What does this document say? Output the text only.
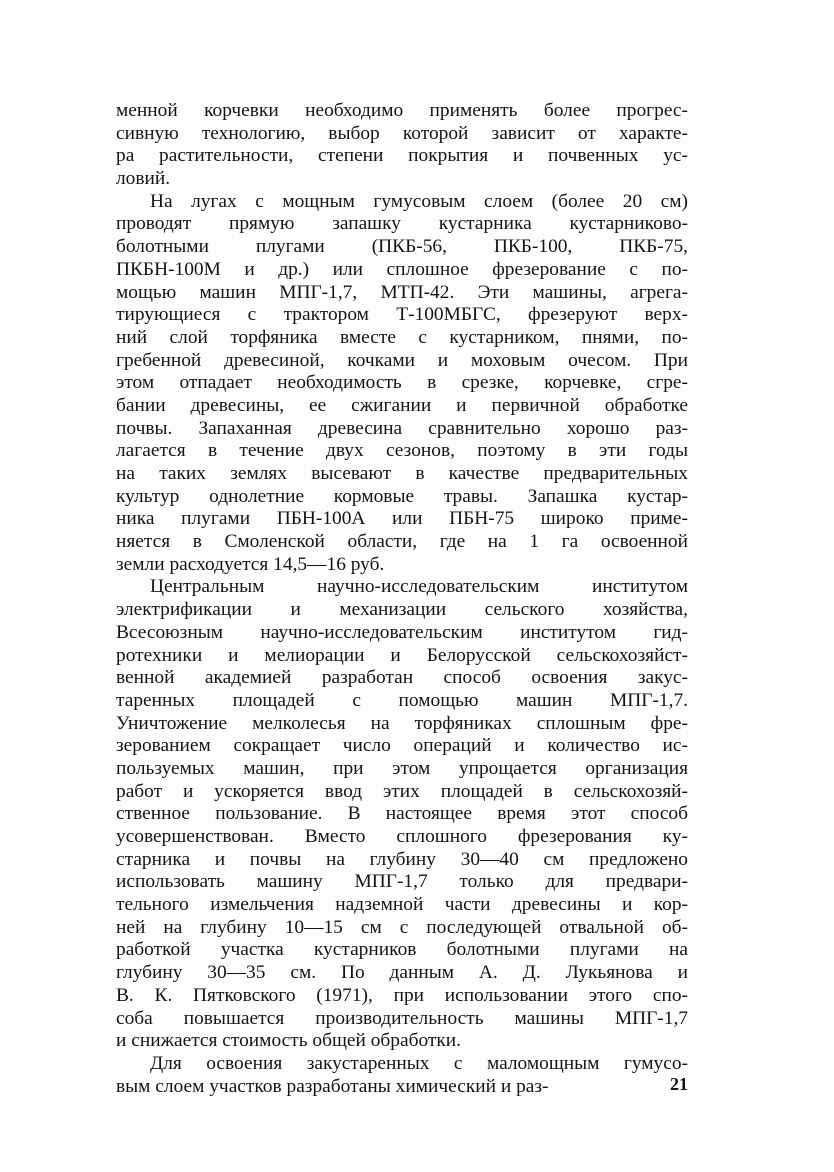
менной корчевки необходимо применять более прогрес-
сивную технологию, выбор которой зависит от характе-
ра растительности, степени покрытия и почвенных ус-
ловий.
На лугах с мощным гумусовым слоем (более 20 см)
проводят прямую запашку кустарника кустарниково-
болотными плугами (ПКБ-56, ПКБ-100, ПКБ-75,
ПКБН-100М и др.) или сплошное фрезерование с по-
мощью машин МПГ-1,7, МТП-42. Эти машины, агрега-
тирующиеся с трактором Т-100МБГС, фрезеруют верх-
ний слой торфяника вместе с кустарником, пнями, по-
гребенной древесиной, кочками и моховым очесом. При
этом отпадает необходимость в срезке, корчевке, сгре-
бании древесины, ее сжигании и первичной обработке
почвы. Запаханная древесина сравнительно хорошо раз-
лагается в течение двух сезонов, поэтому в эти годы
на таких землях высевают в качестве предварительных
культур однолетние кормовые травы. Запашка кустар-
ника плугами ПБН-100А или ПБН-75 широко приме-
няется в Смоленской области, где на 1 га освоенной
земли расходуется 14,5—16 руб.
Центральным научно-исследовательским институтом
электрификации и механизации сельского хозяйства,
Всесоюзным научно-исследовательским институтом гид-
ротехники и мелиорации и Белорусской сельскохозяйст-
венной академией разработан способ освоения закус-
таренных площадей с помощью машин МПГ-1,7.
Уничтожение мелколесья на торфяниках сплошным фре-
зерованием сокращает число операций и количество ис-
пользуемых машин, при этом упрощается организация
работ и ускоряется ввод этих площадей в сельскохозяй-
ственное пользование. В настоящее время этот способ
усовершенствован. Вместо сплошного фрезерования ку-
старника и почвы на глубину 30—40 см предложено
использовать машину МПГ-1,7 только для предвари-
тельного измельчения надземной части древесины и кор-
ней на глубину 10—15 см с последующей отвальной об-
работкой участка кустарников болотными плугами на
глубину 30—35 см. По данным А. Д. Лукьянова и
В. К. Пятковского (1971), при использовании этого спо-
соба повышается производительность машины МПГ-1,7
и снижается стоимость общей обработки.
Для освоения закустаренных с маломощным гумусо-
вым слоем участков разработаны химический и раз-	21
